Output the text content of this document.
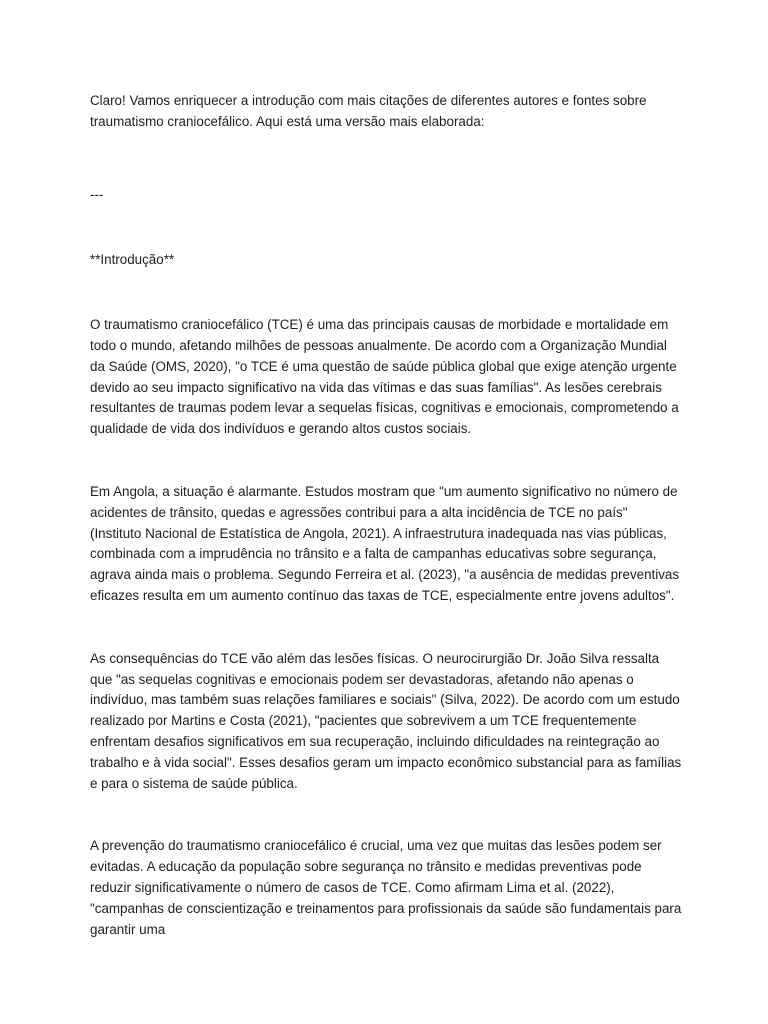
Claro! Vamos enriquecer a introdução com mais citações de diferentes autores e fontes sobre traumatismo craniocefálico. Aqui está uma versão mais elaborada:

---

**Introdução**

O traumatismo craniocefálico (TCE) é uma das principais causas de morbidade e mortalidade em todo o mundo, afetando milhões de pessoas anualmente. De acordo com a Organização Mundial da Saúde (OMS, 2020), "o TCE é uma questão de saúde pública global que exige atenção urgente devido ao seu impacto significativo na vida das vítimas e das suas famílias". As lesões cerebrais resultantes de traumas podem levar a sequelas físicas, cognitivas e emocionais, comprometendo a qualidade de vida dos indivíduos e gerando altos custos sociais.

Em Angola, a situação é alarmante. Estudos mostram que "um aumento significativo no número de acidentes de trânsito, quedas e agressões contribui para a alta incidência de TCE no país" (Instituto Nacional de Estatística de Angola, 2021). A infraestrutura inadequada nas vias públicas, combinada com a imprudência no trânsito e a falta de campanhas educativas sobre segurança, agrava ainda mais o problema. Segundo Ferreira et al. (2023), "a ausência de medidas preventivas eficazes resulta em um aumento contínuo das taxas de TCE, especialmente entre jovens adultos".

As consequências do TCE vão além das lesões físicas. O neurocirurgião Dr. João Silva ressalta que "as sequelas cognitivas e emocionais podem ser devastadoras, afetando não apenas o indivíduo, mas também suas relações familiares e sociais" (Silva, 2022). De acordo com um estudo realizado por Martins e Costa (2021), "pacientes que sobrevivem a um TCE frequentemente enfrentam desafios significativos em sua recuperação, incluindo dificuldades na reintegração ao trabalho e à vida social". Esses desafios geram um impacto econômico substancial para as famílias e para o sistema de saúde pública.

A prevenção do traumatismo craniocefálico é crucial, uma vez que muitas das lesões podem ser evitadas. A educação da população sobre segurança no trânsito e medidas preventivas pode reduzir significativamente o número de casos de TCE. Como afirmam Lima et al. (2022), "campanhas de conscientização e treinamentos para profissionais da saúde são fundamentais para garantir uma
